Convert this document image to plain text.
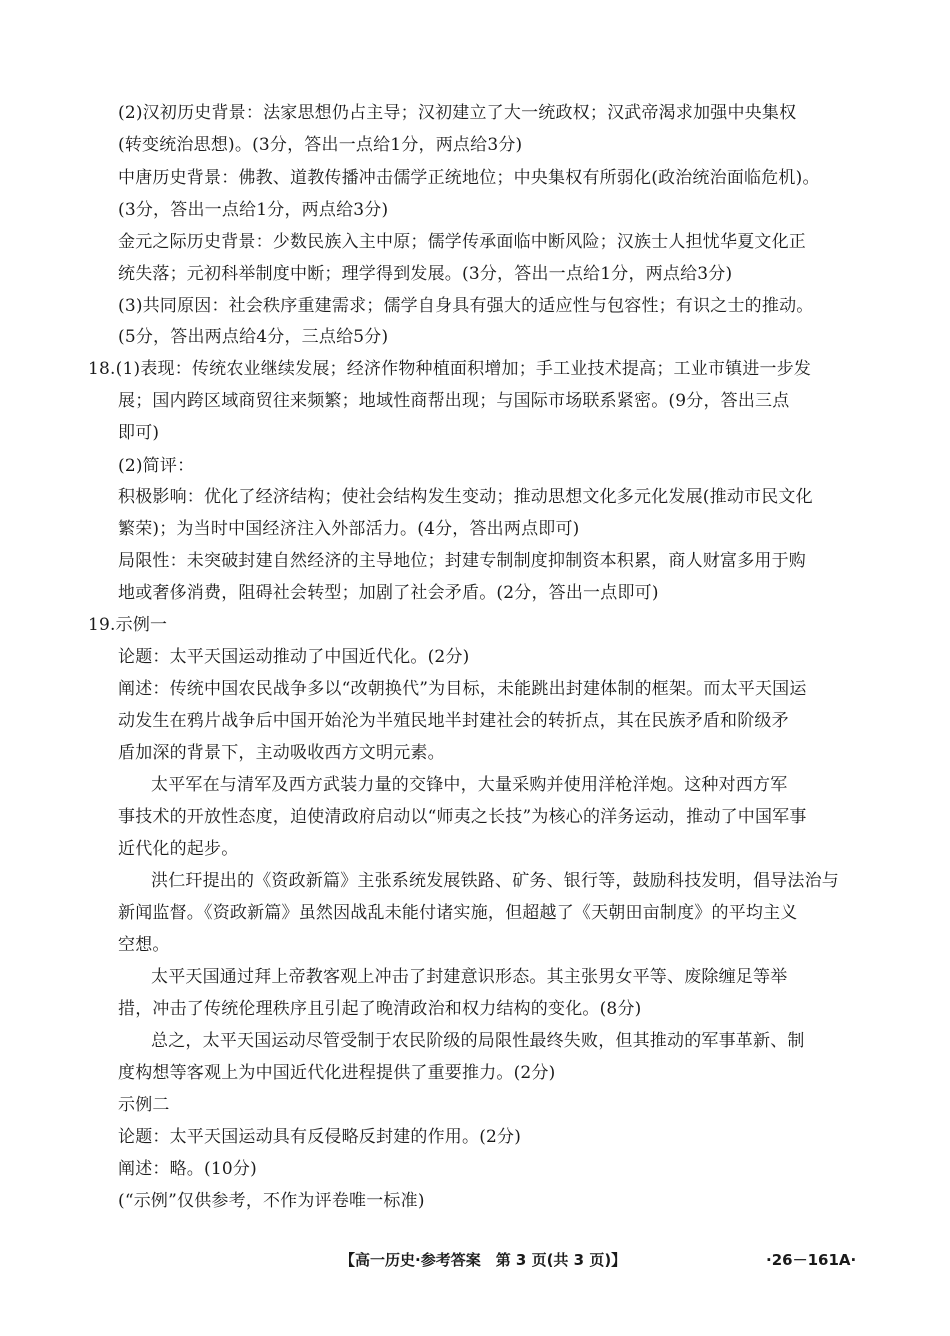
(2)汉初历史背景：法家思想仍占主导；汉初建立了大一统政权；汉武帝渴求加强中央集权
(转变统治思想)。(3分，答出一点给1分，两点给3分)
中唐历史背景：佛教、道教传播冲击儒学正统地位；中央集权有所弱化(政治统治面临危机)。
(3分，答出一点给1分，两点给3分)
金元之际历史背景：少数民族入主中原；儒学传承面临中断风险；汉族士人担忧华夏文化正
统失落；元初科举制度中断；理学得到发展。(3分，答出一点给1分，两点给3分)
(3)共同原因：社会秩序重建需求；儒学自身具有强大的适应性与包容性；有识之士的推动。
(5分，答出两点给4分，三点给5分)
18.(1)表现：传统农业继续发展；经济作物种植面积增加；手工业技术提高；工业市镇进一步发
展；国内跨区域商贸往来频繁；地域性商帮出现；与国际市场联系紧密。(9分，答出三点
即可)
(2)简评：
积极影响：优化了经济结构；使社会结构发生变动；推动思想文化多元化发展(推动市民文化
繁荣)；为当时中国经济注入外部活力。(4分，答出两点即可)
局限性：未突破封建自然经济的主导地位；封建专制制度抑制资本积累，商人财富多用于购
地或奢侈消费，阻碍社会转型；加剧了社会矛盾。(2分，答出一点即可)
19.示例一
论题：太平天国运动推动了中国近代化。(2分)
阐述：传统中国农民战争多以“改朝换代”为目标，未能跳出封建体制的框架。而太平天国运
动发生在鸦片战争后中国开始沦为半殖民地半封建社会的转折点，其在民族矛盾和阶级矛
盾加深的背景下，主动吸收西方文明元素。
太平军在与清军及西方武装力量的交锋中，大量采购并使用洋枪洋炮。这种对西方军
事技术的开放性态度，迫使清政府启动以“师夷之长技”为核心的洋务运动，推动了中国军事
近代化的起步。
洪仁玕提出的《资政新篇》主张系统发展铁路、矿务、银行等，鼓励科技发明，倡导法治与
新闻监督。《资政新篇》虽然因战乱未能付诸实施，但超越了《天朝田亩制度》的平均主义
空想。
太平天国通过拜上帝教客观上冲击了封建意识形态。其主张男女平等、废除缠足等举
措，冲击了传统伦理秩序且引起了晚清政治和权力结构的变化。(8分)
总之，太平天国运动尽管受制于农民阶级的局限性最终失败，但其推动的军事革新、制
度构想等客观上为中国近代化进程提供了重要推力。(2分)
示例二
论题：太平天国运动具有反侵略反封建的作用。(2分)
阐述：略。(10分)
(“示例”仅供参考，不作为评卷唯一标准)
【高一历史·参考答案　第 3 页(共 3 页)】	·26－161A·
